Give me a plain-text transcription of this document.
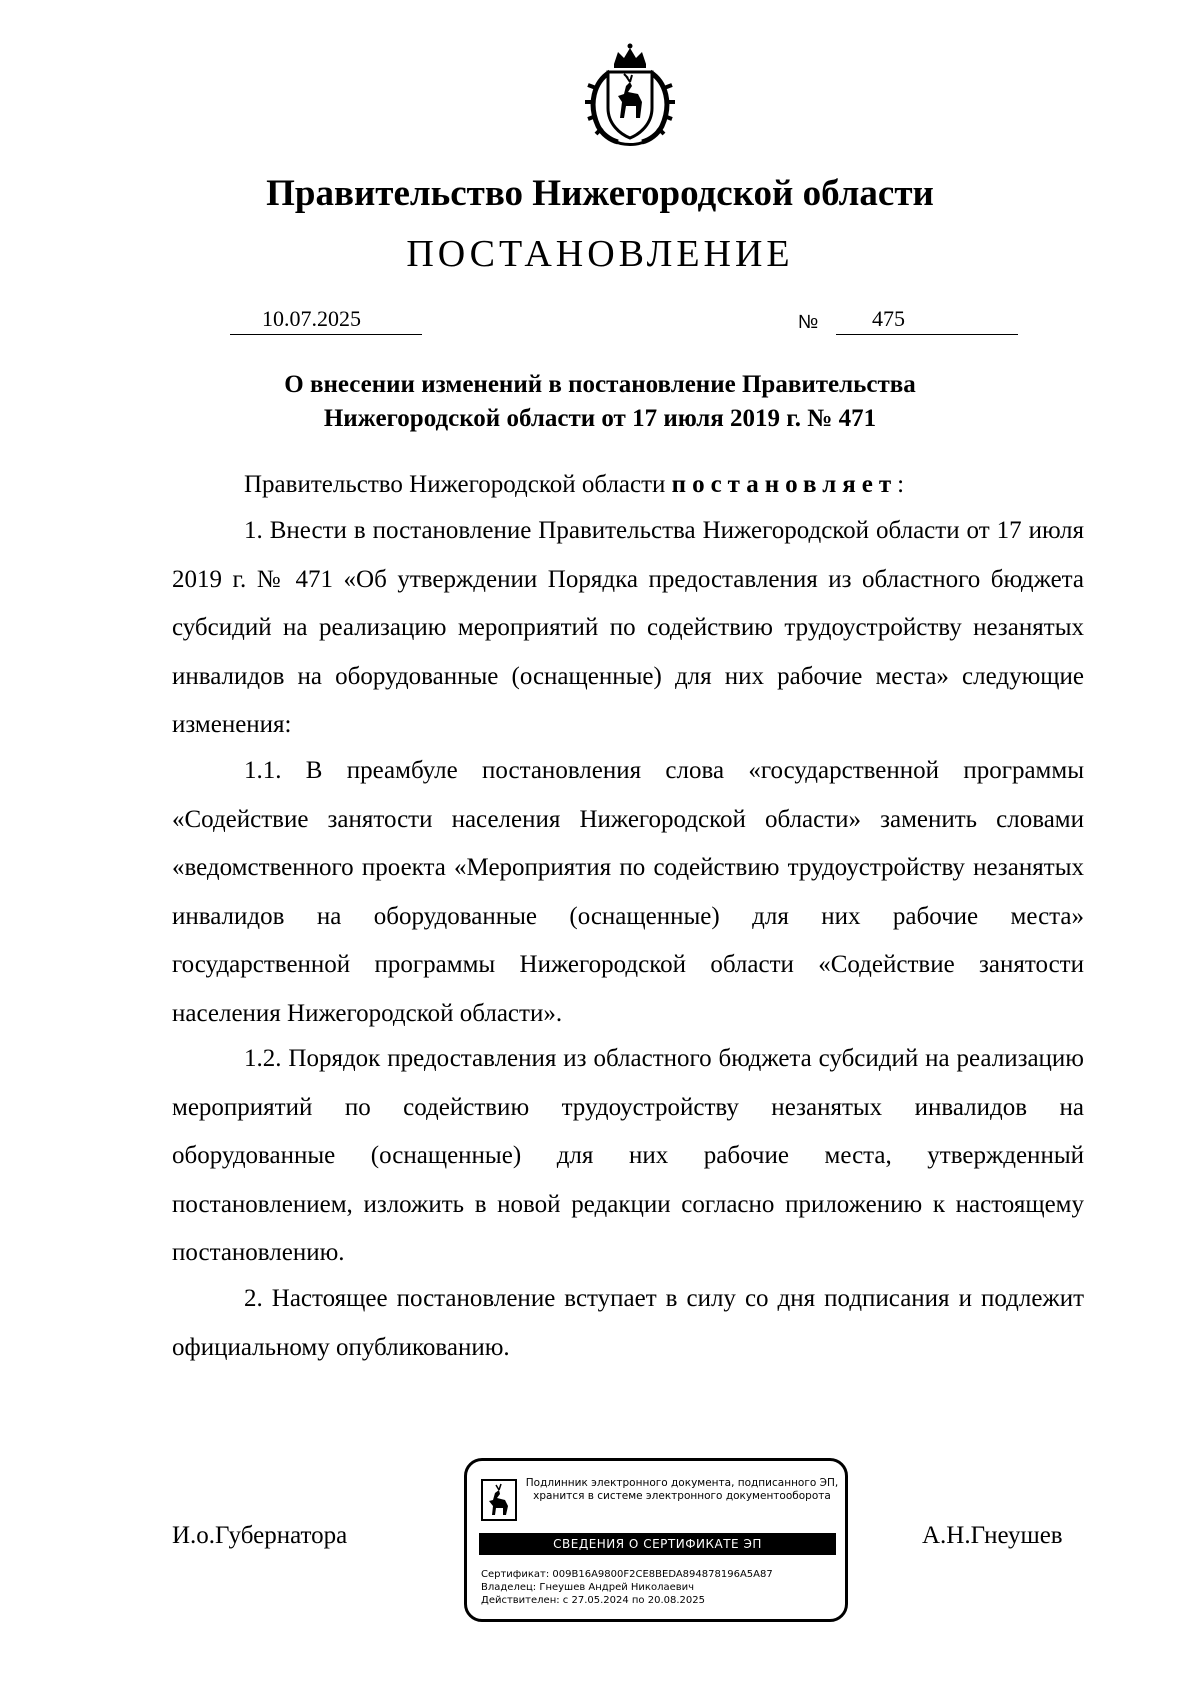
Правительство Нижегородской области
ПОСТАНОВЛЕНИЕ
10.07.2025	№ 475
О внесении изменений в постановление Правительства
Нижегородской области от 17 июля 2019 г. № 471

Правительство Нижегородской области постановляет:

1. Внести в постановление Правительства Нижегородской области от 17 июля 2019 г. № 471 «Об утверждении Порядка предоставления из областного бюджета субсидий на реализацию мероприятий по содействию трудоустройству незанятых инвалидов на оборудованные (оснащенные) для них рабочие места» следующие изменения:

1.1. В преамбуле постановления слова «государственной программы «Содействие занятости населения Нижегородской области» заменить словами «ведомственного проекта «Мероприятия по содействию трудоустройству незанятых инвалидов на оборудованные (оснащенные) для них рабочие места» государственной программы Нижегородской области «Содействие занятости населения Нижегородской области».

1.2. Порядок предоставления из областного бюджета субсидий на реализацию мероприятий по содействию трудоустройству незанятых инвалидов на оборудованные (оснащенные) для них рабочие места, утвержденный постановлением, изложить в новой редакции согласно приложению к настоящему постановлению.

2. Настоящее постановление вступает в силу со дня подписания и подлежит официальному опубликованию.

И.о.Губернатора	А.Н.Гнеушев
Подлинник электронного документа, подписанного ЭП,
хранится в системе электронного документооборота
СВЕДЕНИЯ О СЕРТИФИКАТЕ ЭП
Сертификат: 009B16A9800F2CE8BEDA894878196A5A87
Владелец: Гнеушев Андрей Николаевич
Действителен: с 27.05.2024 по 20.08.2025
